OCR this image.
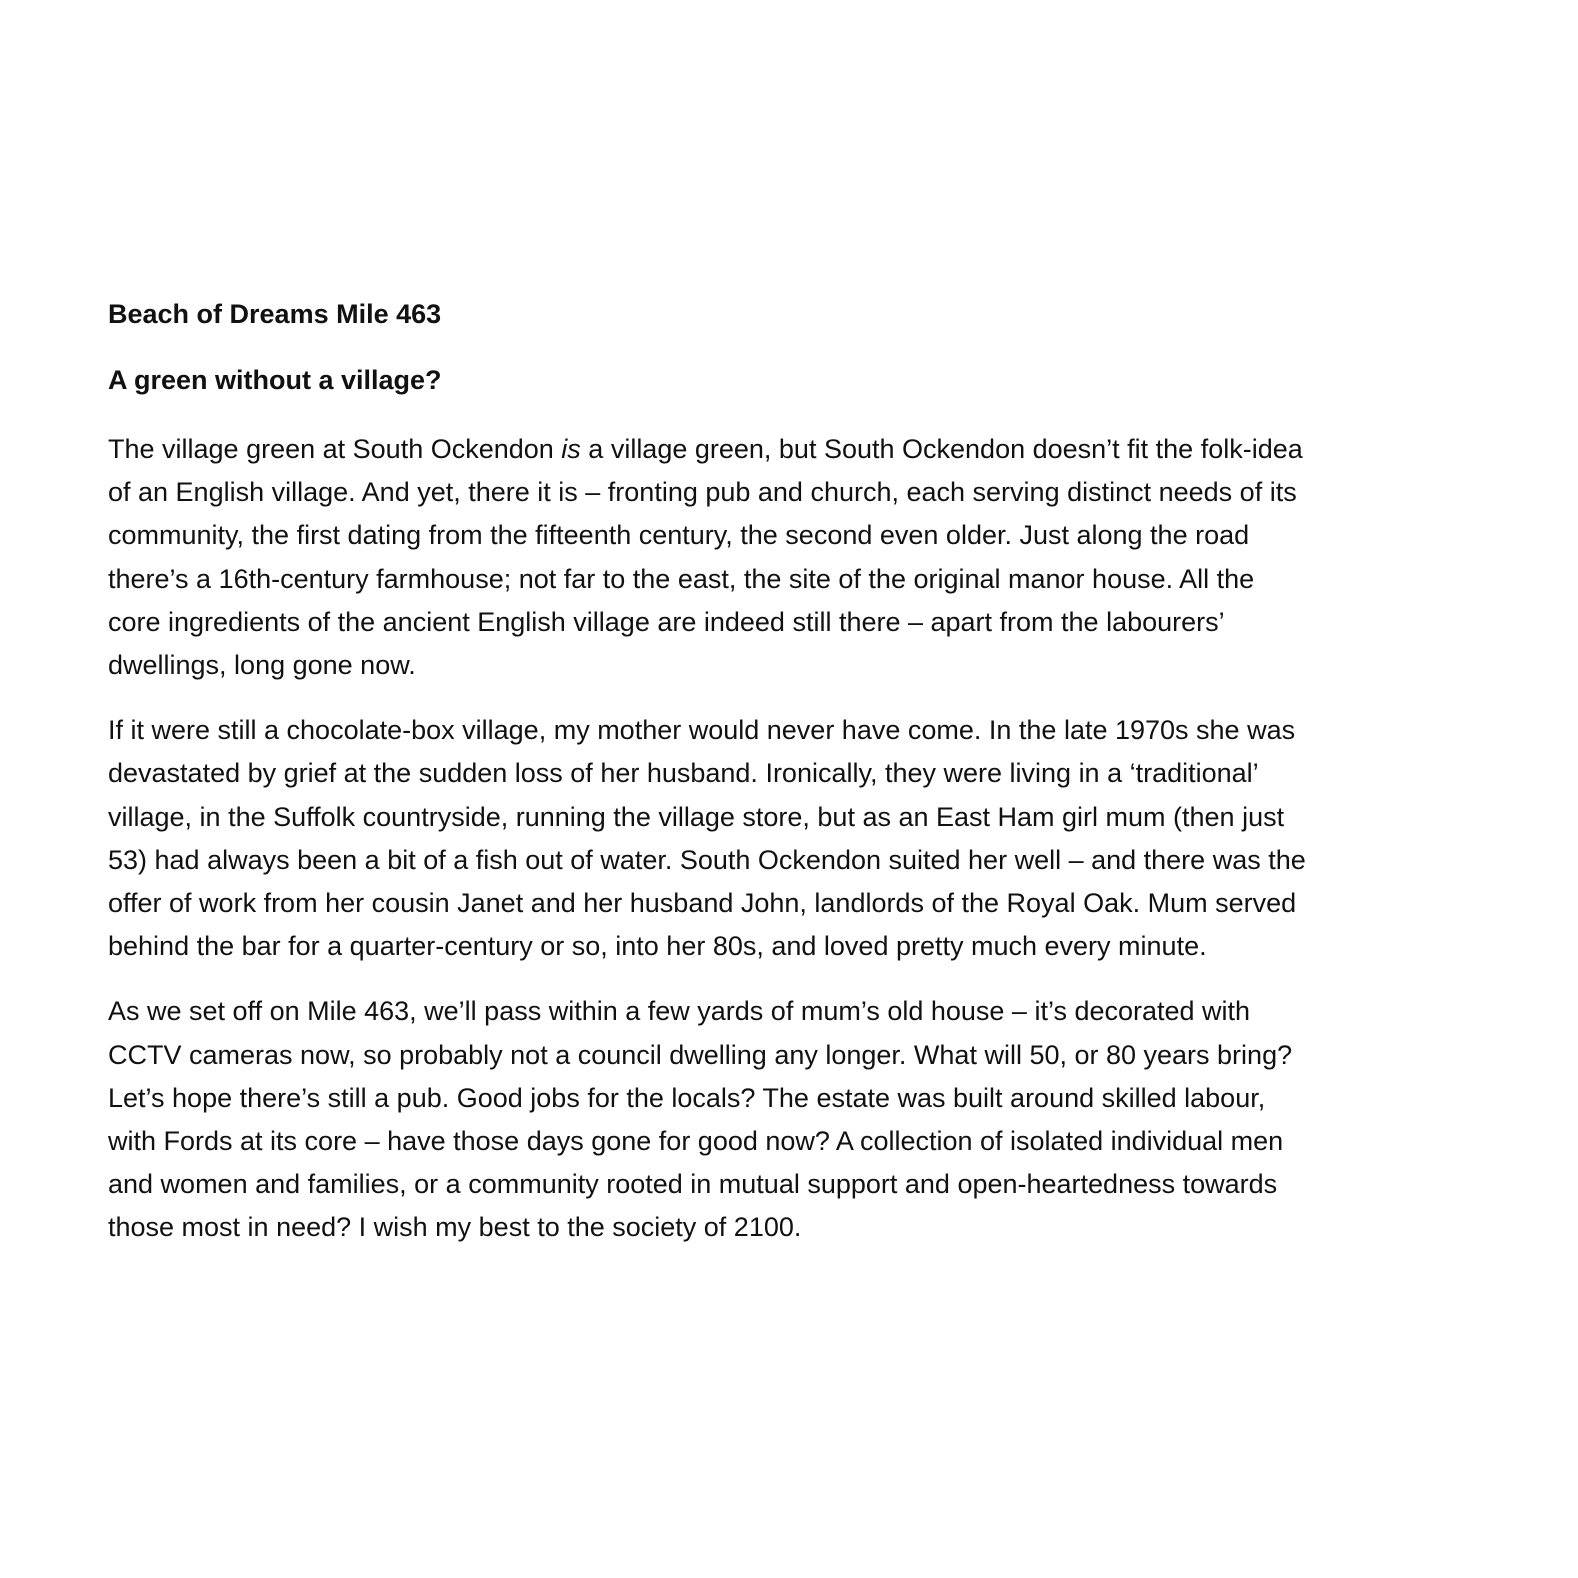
Beach of Dreams Mile 463
A green without a village?
The village green at South Ockendon is a village green, but South Ockendon doesn’t fit the folk-idea
of an English village. And yet, there it is – fronting pub and church, each serving distinct needs of its
community, the first dating from the fifteenth century, the second even older. Just along the road
there’s a 16th-century farmhouse; not far to the east, the site of the original manor house. All the
core ingredients of the ancient English village are indeed still there – apart from the labourers’
dwellings, long gone now.
If it were still a chocolate-box village, my mother would never have come. In the late 1970s she was
devastated by grief at the sudden loss of her husband. Ironically, they were living in a ‘traditional’
village, in the Suffolk countryside, running the village store, but as an East Ham girl mum (then just
53) had always been a bit of a fish out of water. South Ockendon suited her well – and there was the
offer of work from her cousin Janet and her husband John, landlords of the Royal Oak. Mum served
behind the bar for a quarter-century or so, into her 80s, and loved pretty much every minute.
As we set off on Mile 463, we’ll pass within a few yards of mum’s old house – it’s decorated with
CCTV cameras now, so probably not a council dwelling any longer. What will 50, or 80 years bring?
Let’s hope there’s still a pub. Good jobs for the locals? The estate was built around skilled labour,
with Fords at its core – have those days gone for good now? A collection of isolated individual men
and women and families, or a community rooted in mutual support and open-heartedness towards
those most in need? I wish my best to the society of 2100.
